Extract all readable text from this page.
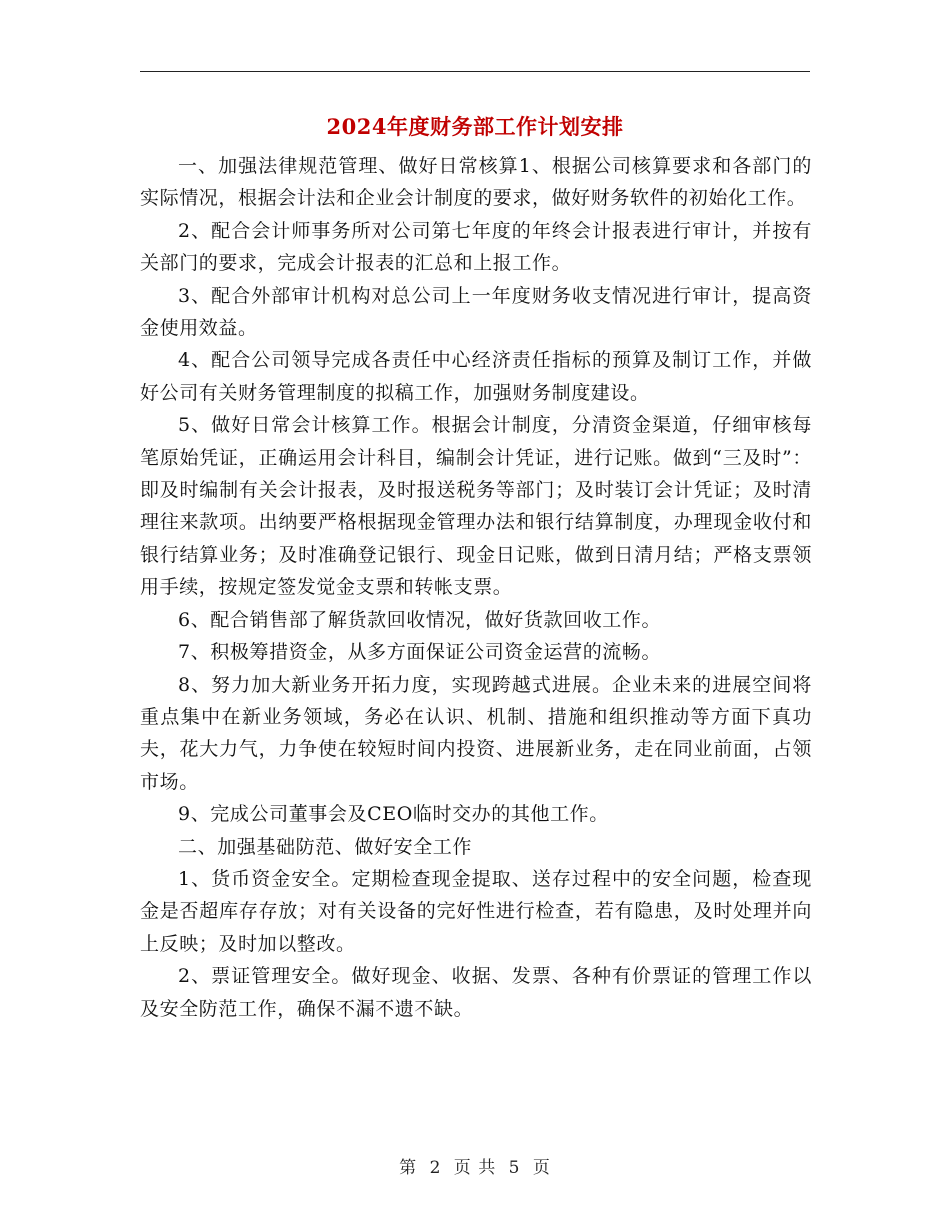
2024年度财务部工作计划安排

一、加强法律规范管理、做好日常核算1、根据公司核算要求和各部门的实际情况，根据会计法和企业会计制度的要求，做好财务软件的初始化工作。

2、配合会计师事务所对公司第七年度的年终会计报表进行审计，并按有关部门的要求，完成会计报表的汇总和上报工作。

3、配合外部审计机构对总公司上一年度财务收支情况进行审计，提高资金使用效益。

4、配合公司领导完成各责任中心经济责任指标的预算及制订工作，并做好公司有关财务管理制度的拟稿工作，加强财务制度建设。

5、做好日常会计核算工作。根据会计制度，分清资金渠道，仔细审核每笔原始凭证，正确运用会计科目，编制会计凭证，进行记账。做到“三及时”：即及时编制有关会计报表，及时报送税务等部门；及时装订会计凭证；及时清理往来款项。出纳要严格根据现金管理办法和银行结算制度，办理现金收付和银行结算业务；及时准确登记银行、现金日记账，做到日清月结；严格支票领用手续，按规定签发觉金支票和转帐支票。

6、配合销售部了解货款回收情况，做好货款回收工作。

7、积极筹措资金，从多方面保证公司资金运营的流畅。

8、努力加大新业务开拓力度，实现跨越式进展。企业未来的进展空间将重点集中在新业务领域，务必在认识、机制、措施和组织推动等方面下真功夫，花大力气，力争使在较短时间内投资、进展新业务，走在同业前面，占领市场。

9、完成公司董事会及CEO临时交办的其他工作。

二、加强基础防范、做好安全工作

1、货币资金安全。定期检查现金提取、送存过程中的安全问题，检查现金是否超库存存放；对有关设备的完好性进行检查，若有隐患，及时处理并向上反映；及时加以整改。

2、票证管理安全。做好现金、收据、发票、各种有价票证的管理工作以及安全防范工作，确保不漏不遗不缺。

第 2 页 共 5 页
